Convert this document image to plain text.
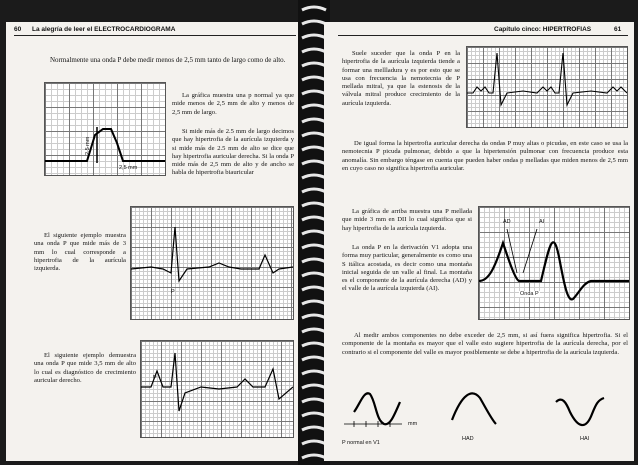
60 La alegría de leer el ELECTROCARDIOGRAMA

Normalmente una onda P debe medir menos de 2,5 mm tanto de largo como de alto.

2,5 mm
2,5 mm

La gráfica muestra una p normal ya que mide menos de 2,5 mm de alto y menos de 2,5 mm de largo.

Si mide más de 2.5 mm de largo decimos que hay hipertrofia de la aurícula izquierda y si mide más de 2.5 mm de alto se dice que hay hipertrofia auricular derecha. Si la onda P mide más de 2,5 mm de alto y de ancho se habla de hipertrofia biauricular

El siguiente ejemplo muestra una onda P que mide más de 3 mm lo cual corresponde a hipertrofia de la aurícula izquierda.

P

El siguiente ejemplo demuestra una onda P que mide 3,5 mm de alto lo cual es diagnóstico de crecimiento auricular derecho.	P
Capítulo cinco: HIPERTROFIAS	61

Suele suceder que la onda P en la hipertrofia de la aurícula izquierda tiende a formar una mellladura y es por esto que se usa con frecuencia la nemotecnia de P mellada mitral, ya que la estenosis de la válvula mitral produce crecimiento de la aurícula izquierda.

De igual forma la hipertrofia auricular derecha da ondas P muy altas o picudas, en este caso se usa la nemotecnia P picuda pulmonar, debido a que la hipertensión pulmonar con frecuencia produce esta anomalía. Sin embargo téngase en cuenta que pueden haber ondas p melladas que miden menos de 2,5 mm en cuyo caso no significa hipertrofia auricular.

La gráfica de arriba muestra una P mellada que mide 3 mm en DII lo cual significa que si hay hipertrofia de la aurícula izquierda.

La onda P en la derivación V1 adopta una forma muy particular, generalmente es como una S itálica acostada, es decir como una montaña inicial seguida de un valle al final. La montaña es el componente de la aurícula derecha (AD) y el valle de la aurícula izquierda (AI).

AD	AI
Onda P

Al medir ambos componentes no debe exceder de 2,5 mm, si así fuera significa hipertrofia. Si el componente de la montaña es mayor que el valle esto sugiere hipertrofia de la aurícula derecha, por el contrario si el componente del valle es mayor posiblemente se debe a hipertrofia de la aurícula izquierda.

mm
P normal en V1
HAD	HAI
